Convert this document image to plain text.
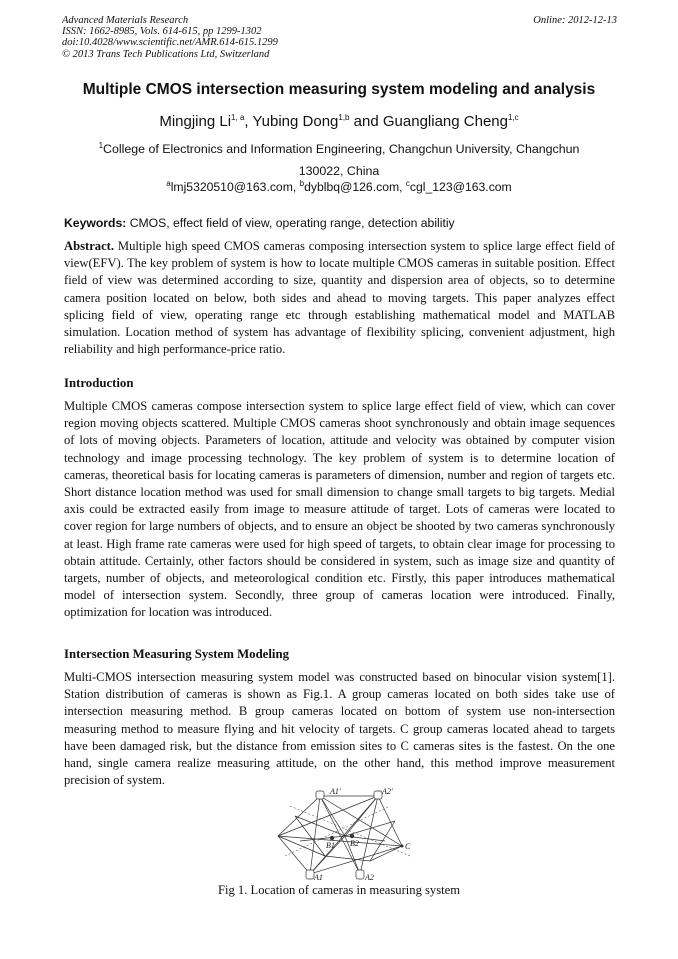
Advanced Materials Research
ISSN: 1662-8985, Vols. 614-615, pp 1299-1302
doi:10.4028/www.scientific.net/AMR.614-615.1299
© 2013 Trans Tech Publications Ltd, Switzerland
Online: 2012-12-13
Multiple CMOS intersection measuring system modeling and analysis
Mingjing Li$^{1, a}$, Yubing Dong$^{1,b}$ and Guangliang Cheng$^{1,c}$
$^1$College of Electronics and Information Engineering, Changchun University, Changchun
130022, China
$^a$lmj5320510@163.com, $^b$dyblbq@126.com, $^c$cgl_123@163.com
Keywords: CMOS, effect field of view, operating range, detection abilitiy

Abstract. Multiple high speed CMOS cameras composing intersection system to splice large effect field of view(EFV). The key problem of system is how to locate multiple CMOS cameras in suitable position. Effect field of view was determined according to size, quantity and dispersion area of objects, so to determine camera position located on below, both sides and ahead to moving targets. This paper analyzes effect splicing field of view, operating range etc through establishing mathematical model and MATLAB simulation. Location method of system has advantage of flexibility splicing, convenient adjustment, high reliability and high performance-price ratio.

Introduction

Multiple CMOS cameras compose intersection system to splice large effect field of view, which can cover region moving objects scattered. Multiple CMOS cameras shoot synchronously and obtain image sequences of lots of moving objects. Parameters of location, attitude and velocity was obtained by computer vision technology and image processing technology. The key problem of system is to determine location of cameras, theoretical basis for locating cameras is parameters of dimension, number and region of targets etc. Short distance location method was used for small dimension to change small targets to big targets. Medial axis could be extracted easily from image to measure attitude of target. Lots of cameras were located to cover region for large numbers of objects, and to ensure an object be shooted by two cameras synchronously at least. High frame rate cameras were used for high speed of targets, to obtain clear image for processing to obtain attitude. Certainly, other factors should be considered in system, such as image size and quantity of targets, number of objects, and meteorological condition etc. Firstly, this paper introduces mathematical model of intersection system. Secondly, three group of cameras location were introduced. Finally, optimization for location was introduced.

Intersection Measuring System Modeling

Multi-CMOS intersection measuring system model was constructed based on binocular vision system[1]. Station distribution of cameras is shown as Fig.1. A group cameras located on both sides take use of intersection measuring method. B group cameras located on bottom of system use non-intersection measuring method to measure flying and hit velocity of targets. C group cameras located ahead to targets have been damaged risk, but the distance from emission sites to C cameras sites is the fastest. On the one hand, single camera realize measuring attitude, on the other hand, this method improve measurement precision of system.

A1'	A2'
B1 B2	C
A1	A2
Fig 1. Location of cameras in measuring system
